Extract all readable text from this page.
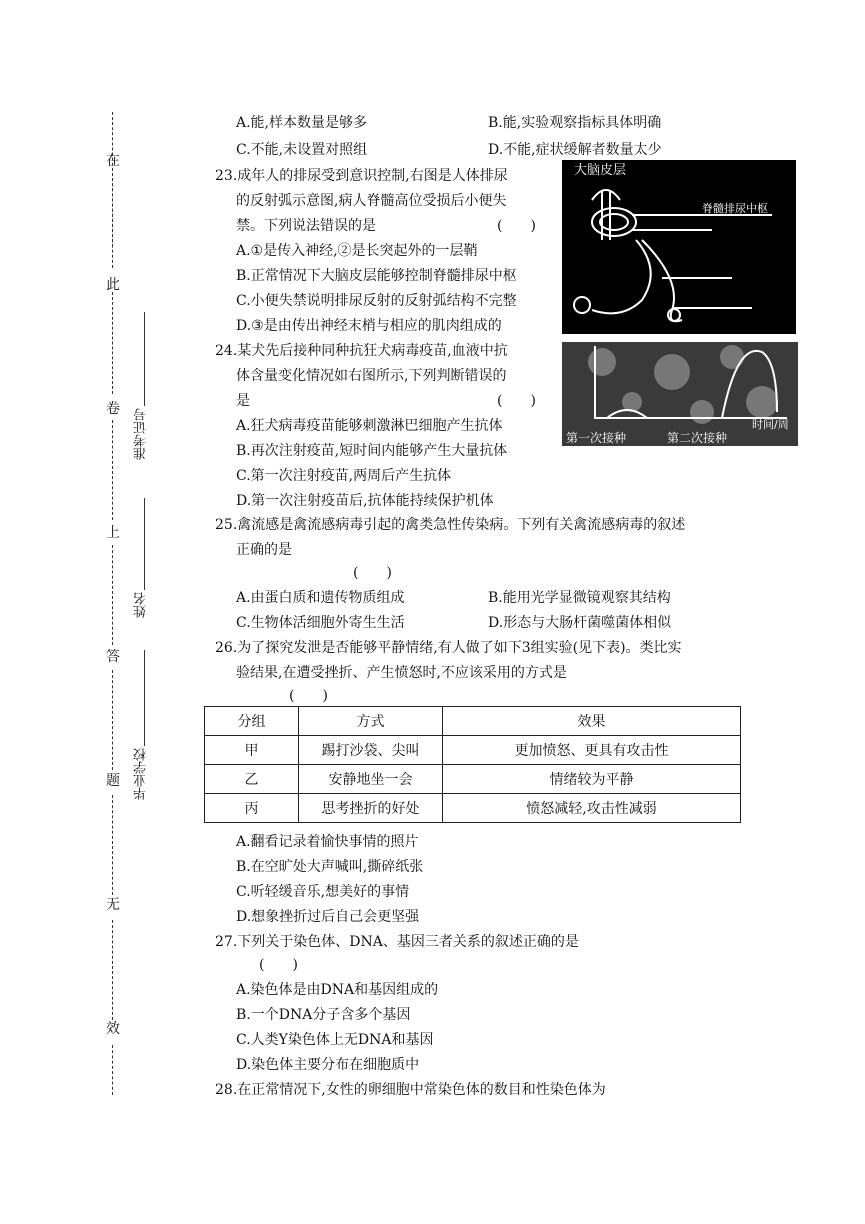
在
此
卷
上
答
题
无
效
准考证号
姓名
毕业学校
A.能,样本数量是够多	B.能,实验观察指标具体明确
C.不能,未设置对照组	D.不能,症状缓解者数量太少
23.成年人的排尿受到意识控制,右图是人体排尿
的反射弧示意图,病人脊髓高位受损后小便失
禁。下列说法错误的是	(　　)
A.①是传入神经,②是长突起外的一层鞘
B.正常情况下大脑皮层能够控制脊髓排尿中枢
C.小便失禁说明排尿反射的反射弧结构不完整
D.③是由传出神经末梢与相应的肌肉组成的
大脑皮层
脊髓排尿中枢
24.某犬先后接种同种抗狂犬病毒疫苗,血液中抗
体含量变化情况如右图所示,下列判断错误的
是	(　　)
A.狂犬病毒疫苗能够刺激淋巴细胞产生抗体
B.再次注射疫苗,短时间内能够产生大量抗体
C.第一次注射疫苗,两周后产生抗体
D.第一次注射疫苗后,抗体能持续保护机体
第一次接种	第二次接种
时间/周
25.禽流感是禽流感病毒引起的禽类急性传染病。下列有关禽流感病毒的叙述
正确的是
(　　)
A.由蛋白质和遗传物质组成	B.能用光学显微镜观察其结构
C.生物体活细胞外寄生生活	D.形态与大肠杆菌噬菌体相似
26.为了探究发泄是否能够平静情绪,有人做了如下3组实验(见下表)。类比实
验结果,在遭受挫折、产生愤怒时,不应该采用的方式是
(　　)
分组	方式	效果
甲	踢打沙袋、尖叫	更加愤怒、更具有攻击性
乙	安静地坐一会	情绪较为平静
丙	思考挫折的好处	愤怒减轻,攻击性减弱
A.翻看记录着愉快事情的照片
B.在空旷处大声喊叫,撕碎纸张
C.听轻缓音乐,想美好的事情
D.想象挫折过后自己会更坚强
27.下列关于染色体、DNA、基因三者关系的叙述正确的是
(　　)
A.染色体是由DNA和基因组成的
B.一个DNA分子含多个基因
C.人类Y染色体上无DNA和基因
D.染色体主要分布在细胞质中
28.在正常情况下,女性的卵细胞中常染色体的数目和性染色体为
